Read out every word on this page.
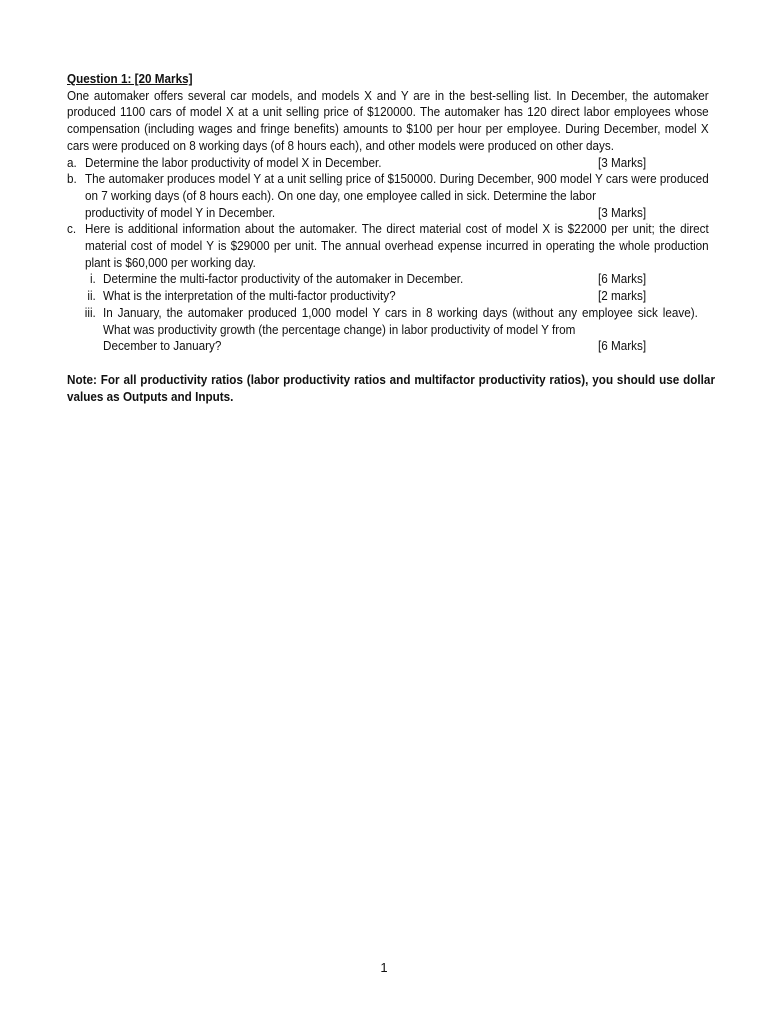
Question 1: [20 Marks]
One automaker offers several car models, and models X and Y are in the best-selling list. In December, the automaker produced 1100 cars of model X at a unit selling price of $120000. The automaker has 120 direct labor employees whose compensation (including wages and fringe benefits) amounts to $100 per hour per employee. During December, model X cars were produced on 8 working days (of 8 hours each), and other models were produced on other days.
a. Determine the labor productivity of model X in December.	[3 Marks]
b. The automaker produces model Y at a unit selling price of $150000. During December, 900 model Y cars were produced on 7 working days (of 8 hours each). On one day, one employee called in sick. Determine the labor
productivity of model Y in December.	[3 Marks]
c. Here is additional information about the automaker. The direct material cost of model X is $22000 per unit; the direct material cost of model Y is $29000 per unit. The annual overhead expense incurred in operating the whole production plant is $60,000 per working day.
i. Determine the multi-factor productivity of the automaker in December.	[6 Marks]
ii. What is the interpretation of the multi-factor productivity?	[2 marks]
iii. In January, the automaker produced 1,000 model Y cars in 8 working days (without any employee sick leave). What was productivity growth (the percentage change) in labor productivity of model Y from
December to January?	[6 Marks]
Note: For all productivity ratios (labor productivity ratios and multifactor productivity ratios), you should use dollar values as Outputs and Inputs.
1
